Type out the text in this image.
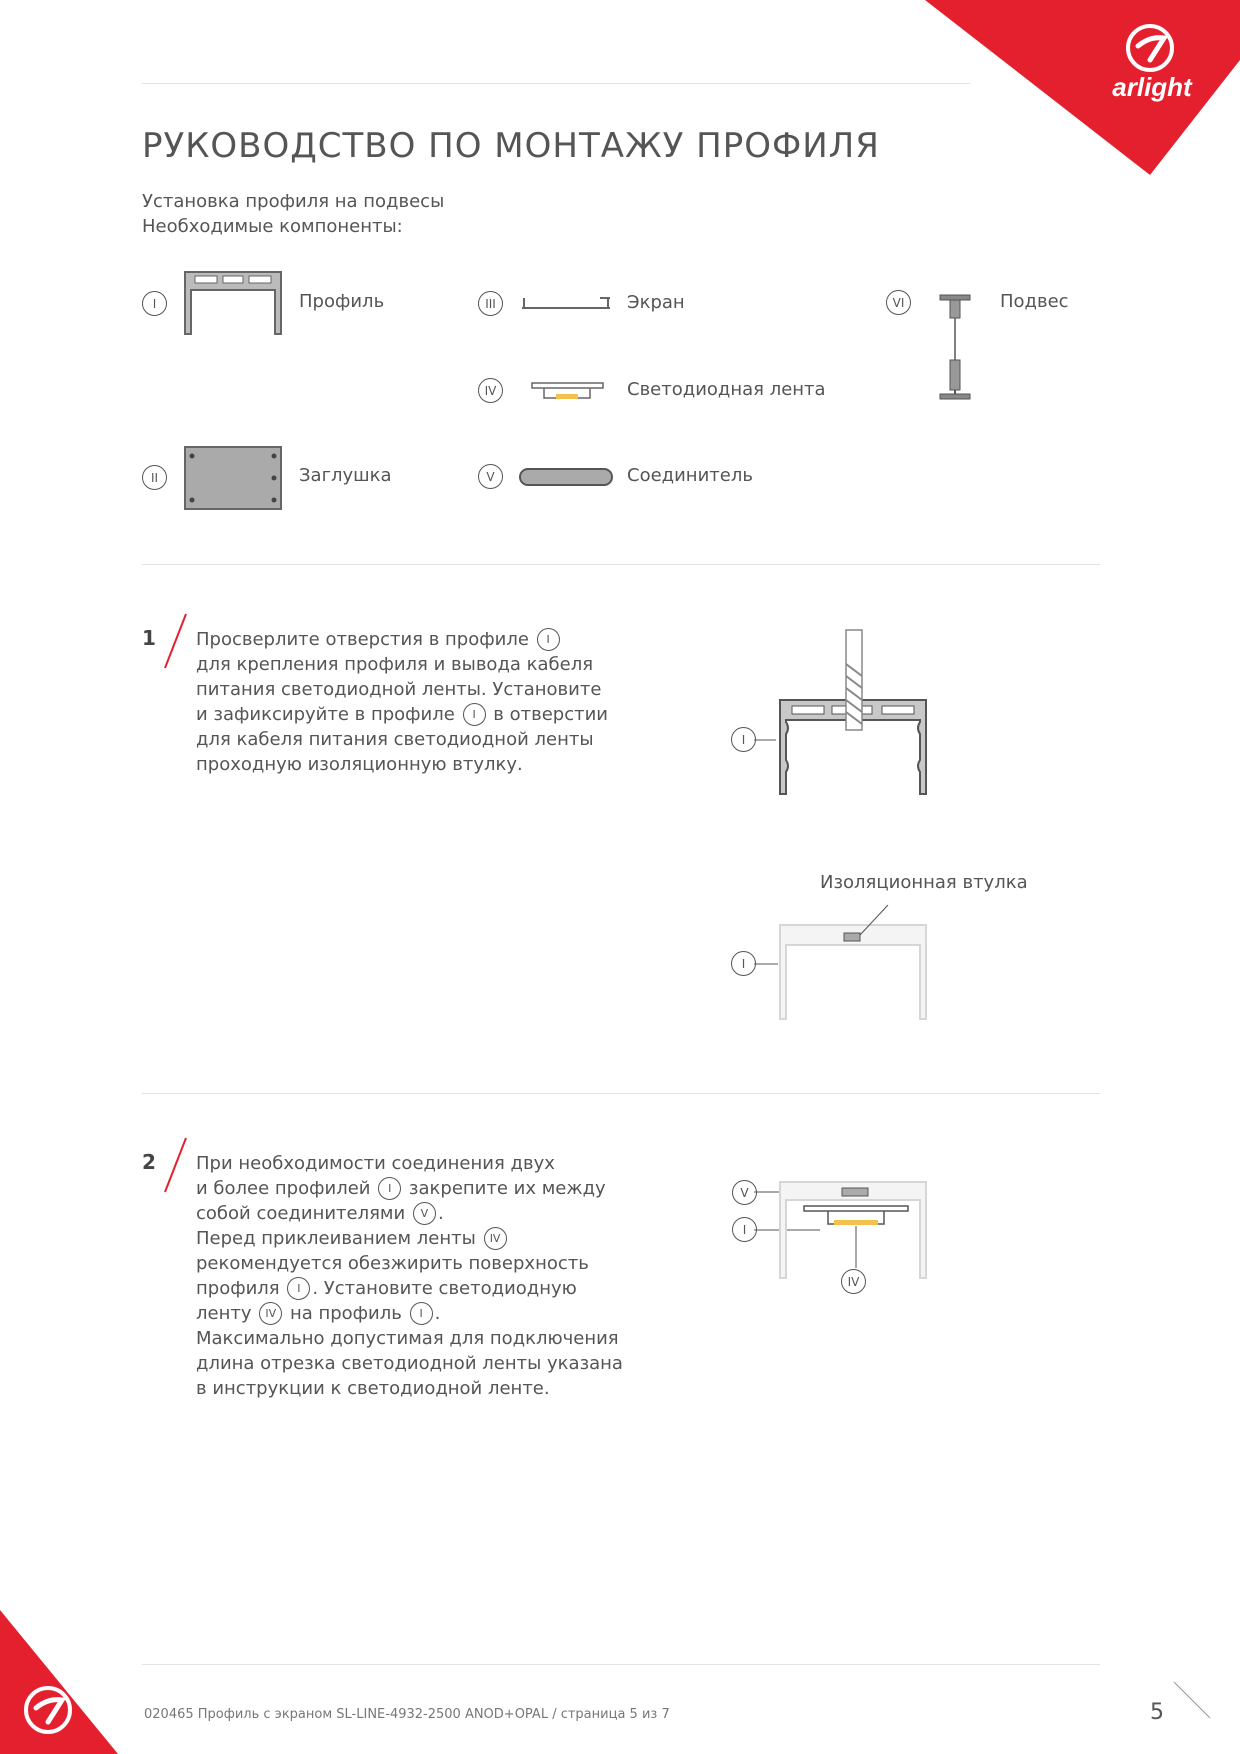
arlight
РУКОВОДСТВО ПО МОНТАЖУ ПРОФИЛЯ
Установка профиля на подвесы
Необходимые компоненты:
I	Профиль
II	Заглушка
III	Экран
IV	Светодиодная лента
V	Соединитель
VI	Подвес
1 Просверлите отверстия в профиле I
для крепления профиля и вывода кабеля
питания светодиодной ленты. Установите
и зафиксируйте в профиле I в отверстии
для кабеля питания светодиодной ленты
проходную изоляционную втулку.
I
Изоляционная втулка
I
2 При необходимости соединения двух
и более профилей I закрепите их между
собой соединителями V .
Перед приклеиванием ленты IV
рекомендуется обезжирить поверхность
профиля I . Установите светодиодную
ленту IV на профиль I .
Максимально допустимая для подключения
длина отрезка светодиодной ленты указана
в инструкции к светодиодной ленте.
V
I
IV
020465 Профиль с экраном SL-LINE-4932-2500 ANOD+OPAL / страница 5 из 7	5
